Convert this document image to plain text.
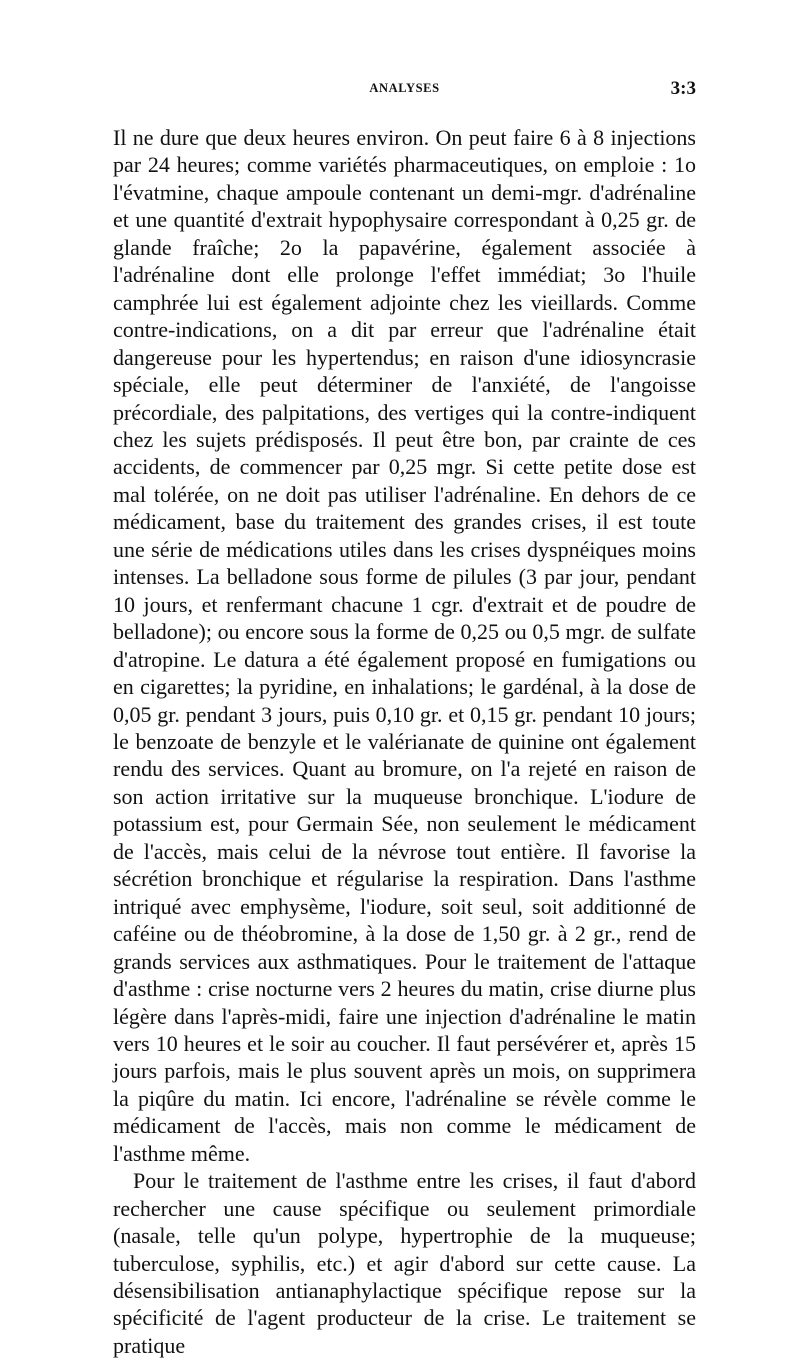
ANALYSES	3:3

Il ne dure que deux heures environ. On peut faire 6 à 8 injections par 24 heures; comme variétés pharmaceutiques, on emploie : 1o l'évatmine, chaque ampoule contenant un demi-mgr. d'adrénaline et une quantité d'extrait hypophysaire correspondant à 0,25 gr. de glande fraîche; 2o la papavérine, également associée à l'adrénaline dont elle prolonge l'effet immédiat; 3o l'huile camphrée lui est également adjointe chez les vieillards. Comme contre-indications, on a dit par erreur que l'adrénaline était dangereuse pour les hypertendus; en raison d'une idiosyncrasie spéciale, elle peut déterminer de l'anxiété, de l'angoisse précordiale, des palpitations, des vertiges qui la contre-indiquent chez les sujets prédisposés. Il peut être bon, par crainte de ces accidents, de commencer par 0,25 mgr. Si cette petite dose est mal tolérée, on ne doit pas utiliser l'adrénaline. En dehors de ce médicament, base du traitement des grandes crises, il est toute une série de médications utiles dans les crises dyspnéiques moins intenses. La belladone sous forme de pilules (3 par jour, pendant 10 jours, et renfermant chacune 1 cgr. d'extrait et de poudre de belladone); ou encore sous la forme de 0,25 ou 0,5 mgr. de sulfate d'atropine. Le datura a été également proposé en fumigations ou en cigarettes; la pyridine, en inhalations; le gardénal, à la dose de 0,05 gr. pendant 3 jours, puis 0,10 gr. et 0,15 gr. pendant 10 jours; le benzoate de benzyle et le valérianate de quinine ont également rendu des services. Quant au bromure, on l'a rejeté en raison de son action irritative sur la muqueuse bronchique. L'iodure de potassium est, pour Germain Sée, non seulement le médicament de l'accès, mais celui de la névrose tout entière. Il favorise la sécrétion bronchique et régularise la respiration. Dans l'asthme intriqué avec emphysème, l'iodure, soit seul, soit additionné de caféine ou de théobromine, à la dose de 1,50 gr. à 2 gr., rend de grands services aux asthmatiques. Pour le traitement de l'attaque d'asthme : crise nocturne vers 2 heures du matin, crise diurne plus légère dans l'après-midi, faire une injection d'adrénaline le matin vers 10 heures et le soir au coucher. Il faut persévérer et, après 15 jours parfois, mais le plus souvent après un mois, on supprimera la piqûre du matin. Ici encore, l'adrénaline se révèle comme le médicament de l'accès, mais non comme le médicament de l'asthme même.

Pour le traitement de l'asthme entre les crises, il faut d'abord rechercher une cause spécifique ou seulement primordiale (nasale, telle qu'un polype, hypertrophie de la muqueuse; tuberculose, syphilis, etc.) et agir d'abord sur cette cause. La désensibilisation antianaphylactique spécifique repose sur la spécificité de l'agent producteur de la crise. Le traitement se pratique
